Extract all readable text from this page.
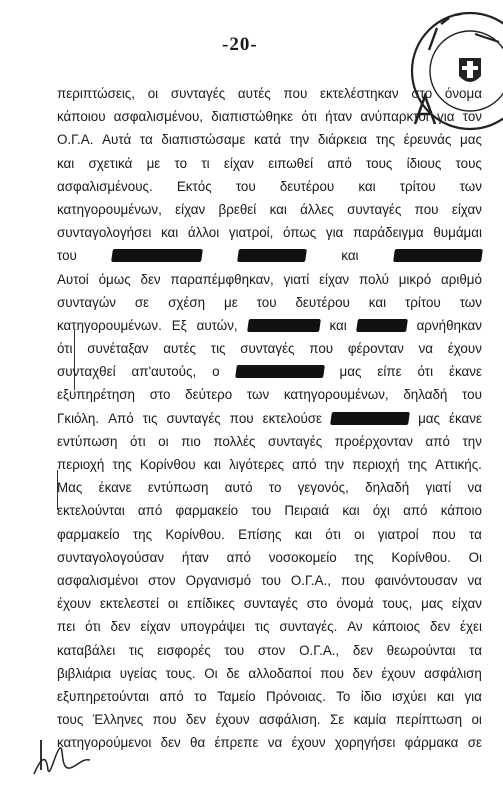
-20-
περιπτώσεις, οι συνταγές αυτές που εκτελέστηκαν στο όνομα
κάποιου ασφαλισμένου, διαπιστώθηκε ότι ήταν ανύπαρκτοι για τον
Ο.Γ.Α. Αυτά τα διαπιστώσαμε κατά την διάρκεια της έρευνάς μας
και σχετικά με το τι είχαν ειπωθεί από τους ίδιους τους
ασφαλισμένους. Εκτός του δευτέρου και τρίτου των
κατηγορουμένων, είχαν βρεθεί και άλλες συνταγές που είχαν
συνταγολογήσει και άλλοι γιατροί, όπως για παράδειγμα θυμάμαι
του	και
Αυτοί όμως δεν παραπέμφθηκαν, γιατί είχαν πολύ μικρό αριθμό
συνταγών σε σχέση με του δευτέρου και τρίτου των
κατηγορουμένων. Εξ αυτών,	και	αρνήθηκαν
ότι συνέταξαν αυτές τις συνταγές που φέρονταν να έχουν
συνταχθεί απ'αυτούς, ο	μας είπε ότι έκανε
εξυπηρέτηση στο δεύτερο των κατηγορουμένων, δηλαδή του
Γκιόλη. Από τις συνταγές που εκτελούσε	μας έκανε
εντύπωση ότι οι πιο πολλές συνταγές προέρχονταν από την
περιοχή της Κορίνθου και λιγότερες από την περιοχή της Αττικής.
Μας έκανε εντύπωση αυτό το γεγονός, δηλαδή γιατί να
εκτελούνται από φαρμακείο του Πειραιά και όχι από κάποιο
φαρμακείο της Κορίνθου. Επίσης και ότι οι γιατροί που τα
συνταγολογούσαν ήταν από νοσοκομείο της Κορίνθου. Οι
ασφαλισμένοι στον Οργανισμό του Ο.Γ.Α., που φαινόντουσαν να
έχουν εκτελεστεί οι επίδικες συνταγές στο όνομά τους, μας είχαν
πει ότι δεν είχαν υπογράψει τις συνταγές. Αν κάποιος δεν έχει
καταβάλει τις εισφορές του στον Ο.Γ.Α., δεν θεωρούνται τα
βιβλιάρια υγείας τους. Οι δε αλλοδαποί που δεν έχουν ασφάλιση
εξυπηρετούνται από το Ταμείο Πρόνοιας. Το ίδιο ισχύει και για
τους Έλληνες που δεν έχουν ασφάλιση. Σε καμία περίπτωση οι
κατηγορούμενοι δεν θα έπρεπε να έχουν χορηγήσει φάρμακα σε
